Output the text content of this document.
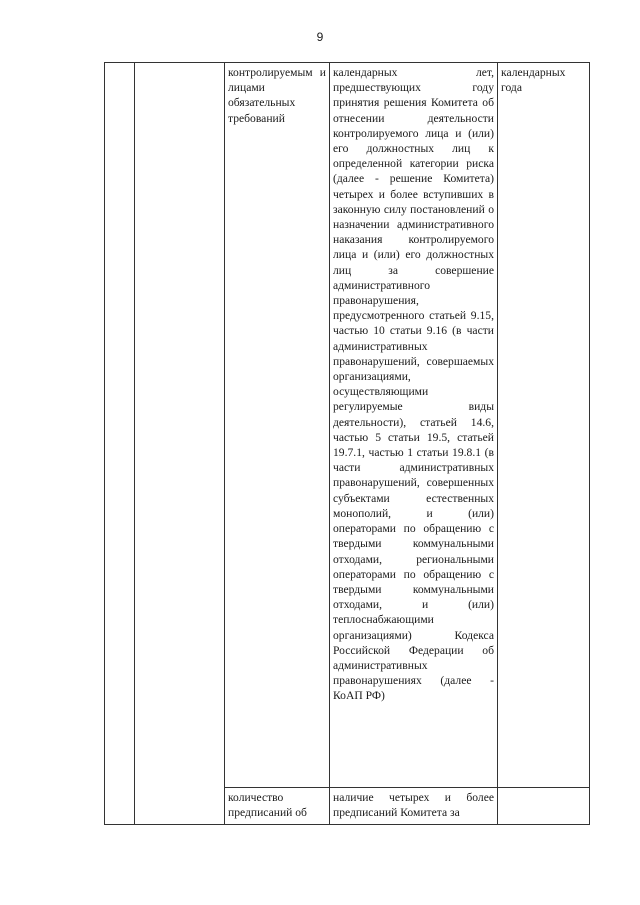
9

		контролируемым и лицами обязательных требований	календарных лет, предшествующих году принятия решения Комитета об отнесении деятельности контролируемого лица и (или) его должностных лиц к определенной категории риска (далее - решение Комитета) четырех и более вступивших в законную силу постановлений о назначении административного наказания контролируемого лица и (или) его должностных лиц за совершение административного правонарушения, предусмотренного статьей 9.15, частью 10 статьи 9.16 (в части административных правонарушений, совершаемых организациями, осуществляющими регулируемые виды деятельности), статьей 14.6, частью 5 статьи 19.5, статьей 19.7.1, частью 1 статьи 19.8.1 (в части административных правонарушений, совершенных субъектами естественных монополий, и (или) операторами по обращению с твердыми коммунальными отходами, региональными операторами по обращению с твердыми коммунальными отходами, и (или) теплоснабжающими организациями) Кодекса Российской Федерации об административных правонарушениях (далее - КоАП РФ)	календарных года

		количество предписаний об	наличие четырех и более предписаний Комитета за	
